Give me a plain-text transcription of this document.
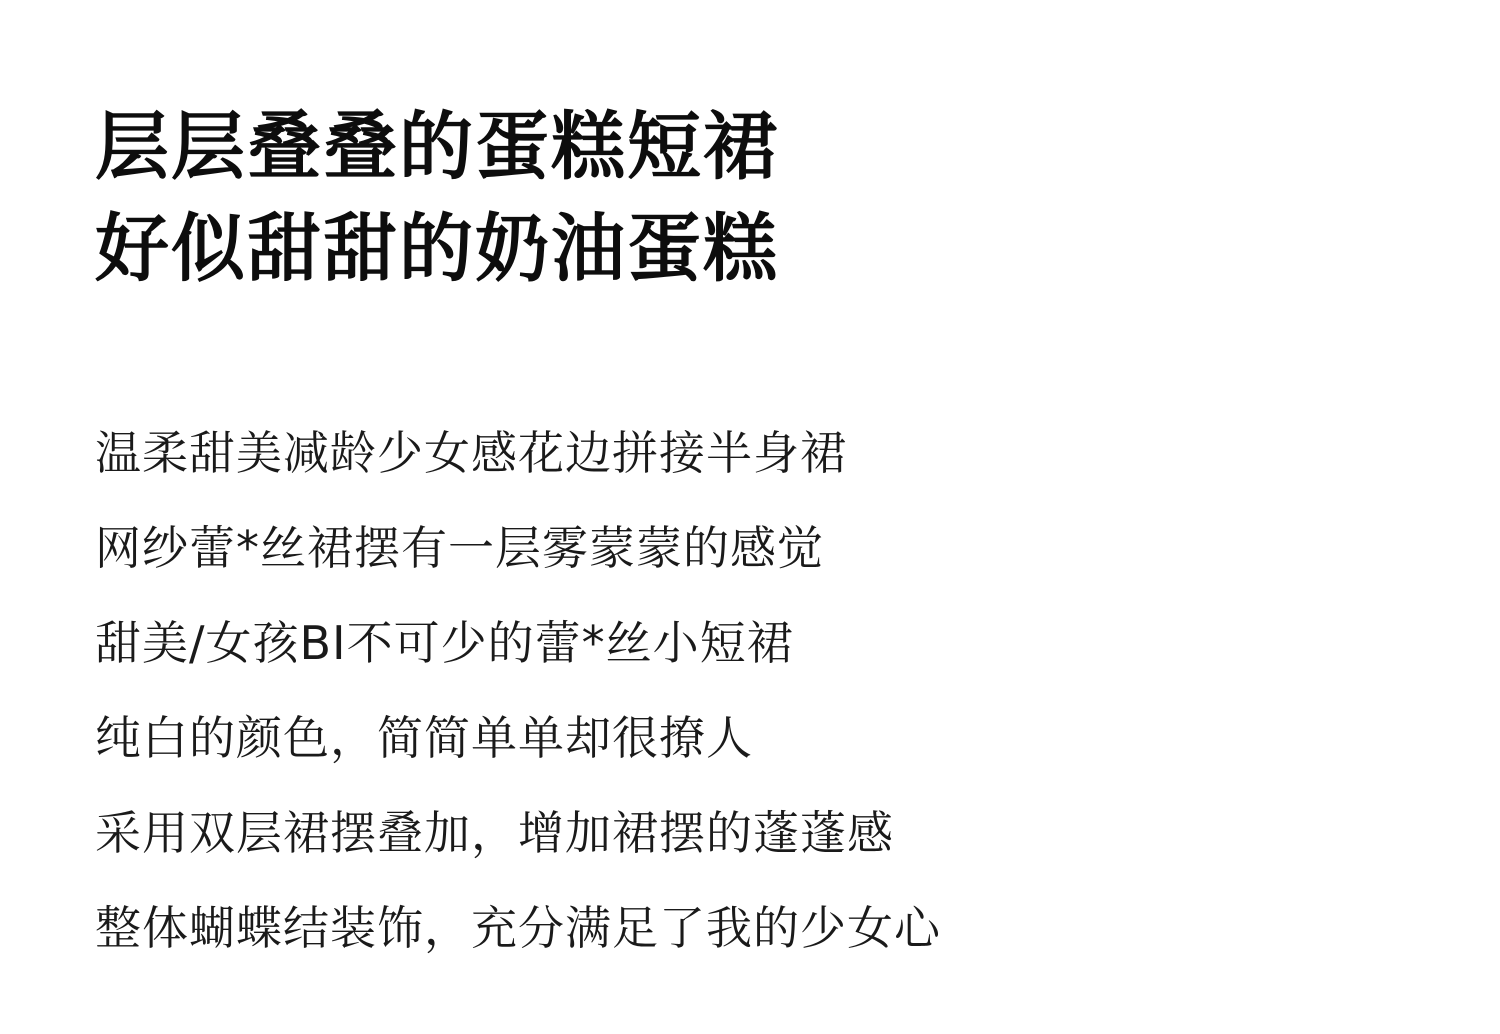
层层叠叠的蛋糕短裙
好似甜甜的奶油蛋糕
温柔甜美减龄少女感花边拼接半身裙
网纱蕾*丝裙摆有一层雾蒙蒙的感觉
甜美/女孩BI不可少的蕾*丝小短裙
纯白的颜色，简简单单却很撩人
采用双层裙摆叠加，增加裙摆的蓬蓬感
整体蝴蝶结装饰，充分满足了我的少女心
